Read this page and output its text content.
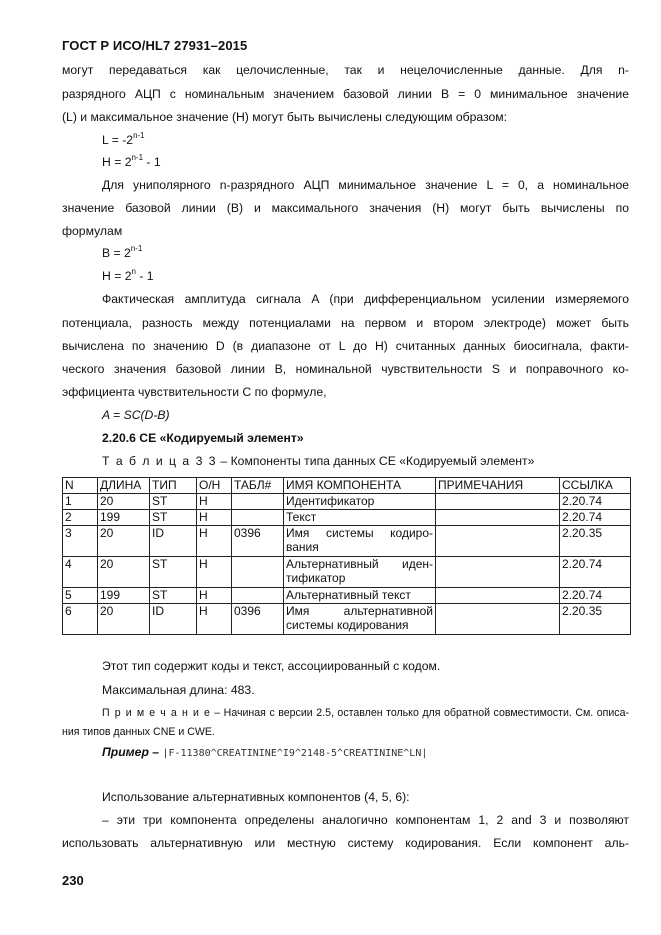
ГОСТ Р ИСО/HL7 27931–2015
могут передаваться как целочисленные, так и нецелочисленные данные. Для n-
разрядного АЦП с номинальным значением базовой линии B = 0 минимальное значение
(L) и максимальное значение (H) могут быть вычислены следующим образом:
$L = -2^{n-1}$
$H = 2^{n-1} - 1$
Для униполярного n-разрядного АЦП минимальное значение L = 0, а номинальное
значение базовой линии (B) и максимального значения (H) могут быть вычислены по
формулам
$B = 2^{n-1}$
$H = 2^n - 1$
Фактическая амплитуда сигнала A (при дифференциальном усилении измеряемого
потенциала, разность между потенциалами на первом и втором электроде) может быть
вычислена по значению D (в диапазоне от L до H) считанных данных биосигнала, факти-
ческого значения базовой линии B, номинальной чувствительности S и поправочного ко-
эффициента чувствительности C по формуле,
A = SC(D-B)
2.20.6 CE «Кодируемый элемент»
Т а б л и ц а 3 3 – Компоненты типа данных CE «Кодируемый элемент»
N	ДЛИНА	ТИП	О/Н	ТАБЛ#	ИМЯ КОМПОНЕНТА	ПРИМЕЧАНИЯ	ССЫЛКА
1	20	ST	H		Идентификатор		2.20.74
2	199	ST	H		Текст		2.20.74
3	20	ID	H	0396	Имя системы кодиро-вания		2.20.35
4	20	ST	H		Альтернативный иден-тификатор		2.20.74
5	199	ST	H		Альтернативный текст		2.20.74
6	20	ID	H	0396	Имя альтернативной системы кодирования		2.20.35
Этот тип содержит коды и текст, ассоциированный с кодом.
Максимальная длина: 483.
П р и м е ч а н и е – Начиная с версии 2.5, оставлен только для обратной совместимости. См. описа-
ния типов данных CNE и CWE.
Пример – |F-11380^CREATININE^I9^2148-5^CREATININE^LN|
Использование альтернативных компонентов (4, 5, 6):
– эти три компонента определены аналогично компонентам 1, 2 and 3 и позволяют
использовать альтернативную или местную систему кодирования. Если компонент аль-
230
